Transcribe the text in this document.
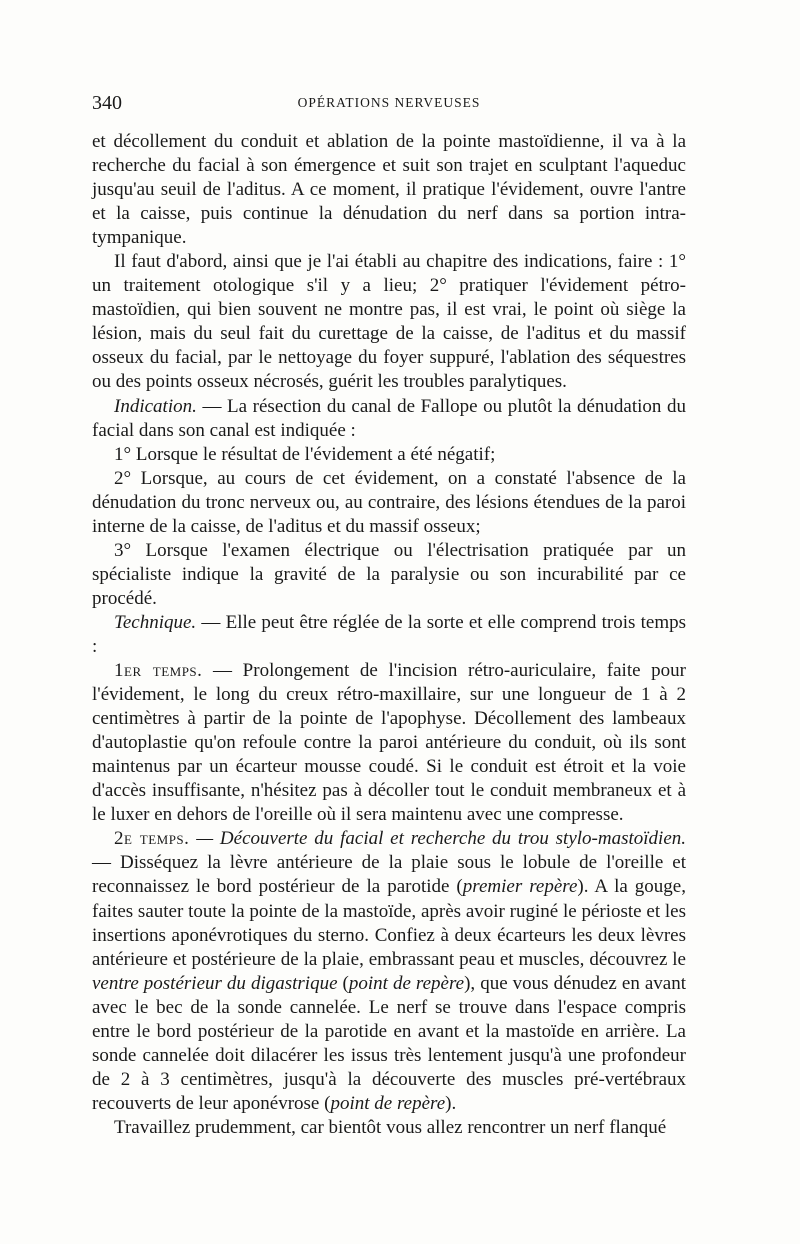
340	OPÉRATIONS NERVEUSES

et décollement du conduit et ablation de la pointe mastoïdienne, il va à la recherche du facial à son émergence et suit son trajet en sculptant l'aqueduc jusqu'au seuil de l'aditus. A ce moment, il pratique l'évidement, ouvre l'antre et la caisse, puis continue la dénudation du nerf dans sa portion intra-tympanique.

Il faut d'abord, ainsi que je l'ai établi au chapitre des indications, faire : 1° un traitement otologique s'il y a lieu; 2° pratiquer l'évidement pétro-mastoïdien, qui bien souvent ne montre pas, il est vrai, le point où siège la lésion, mais du seul fait du curettage de la caisse, de l'aditus et du massif osseux du facial, par le nettoyage du foyer suppuré, l'ablation des séquestres ou des points osseux nécrosés, guérit les troubles paralytiques.

Indication. — La résection du canal de Fallope ou plutôt la dénudation du facial dans son canal est indiquée :

1° Lorsque le résultat de l'évidement a été négatif;

2° Lorsque, au cours de cet évidement, on a constaté l'absence de la dénudation du tronc nerveux ou, au contraire, des lésions étendues de la paroi interne de la caisse, de l'aditus et du massif osseux;

3° Lorsque l'examen électrique ou l'électrisation pratiquée par un spécialiste indique la gravité de la paralysie ou son incurabilité par ce procédé.

Technique. — Elle peut être réglée de la sorte et elle comprend trois temps :

1er temps. — Prolongement de l'incision rétro-auriculaire, faite pour l'évidement, le long du creux rétro-maxillaire, sur une longueur de 1 à 2 centimètres à partir de la pointe de l'apophyse. Décollement des lambeaux d'autoplastie qu'on refoule contre la paroi antérieure du conduit, où ils sont maintenus par un écarteur mousse coudé. Si le conduit est étroit et la voie d'accès insuffisante, n'hésitez pas à décoller tout le conduit membraneux et à le luxer en dehors de l'oreille où il sera maintenu avec une compresse.

2e temps. — Découverte du facial et recherche du trou stylo-mastoïdien. — Disséquez la lèvre antérieure de la plaie sous le lobule de l'oreille et reconnaissez le bord postérieur de la parotide (premier repère). A la gouge, faites sauter toute la pointe de la mastoïde, après avoir ruginé le périoste et les insertions aponévrotiques du sterno. Confiez à deux écarteurs les deux lèvres antérieure et postérieure de la plaie, embrassant peau et muscles, découvrez le ventre postérieur du digastrique (point de repère), que vous dénudez en avant avec le bec de la sonde cannelée. Le nerf se trouve dans l'espace compris entre le bord postérieur de la parotide en avant et la mastoïde en arrière. La sonde cannelée doit dilacérer les issus très lentement jusqu'à une profondeur de 2 à 3 centimètres, jusqu'à la découverte des muscles pré-vertébraux recouverts de leur aponévrose (point de repère).

Travaillez prudemment, car bientôt vous allez rencontrer un nerf flanqué
